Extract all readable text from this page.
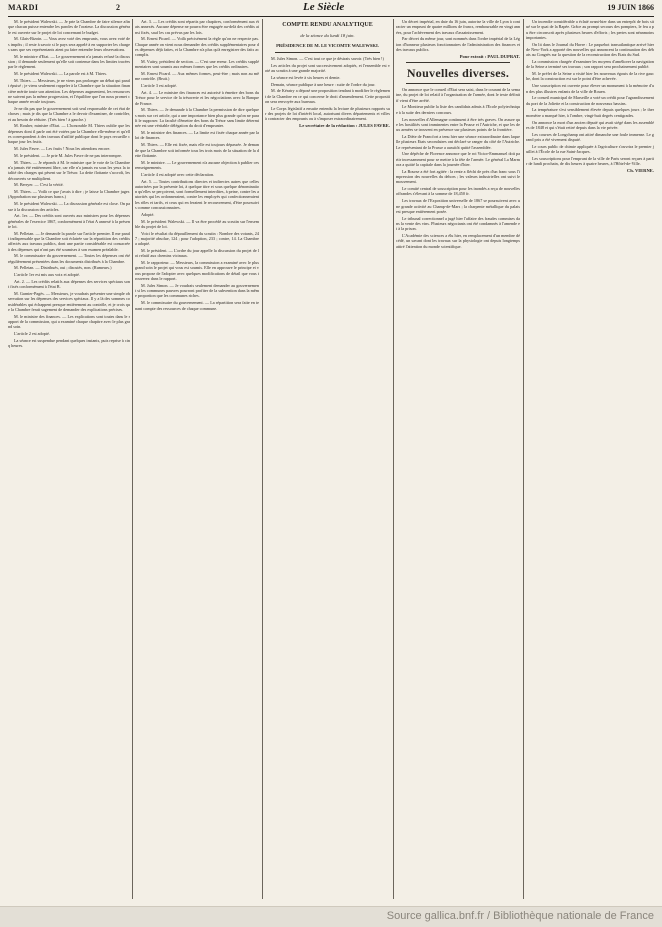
MARDI	2	Le Siècle	19 JUIN 1866

M. le président Walewski. — Je prie la Chambre de faire silence afin que chacun puisse entendre les paroles de l'orateur. La discussion générale est ouverte sur le projet de loi concernant le budget.

M. Glais-Bizoin. — Vous avez voté des emprunts, vous avez voté des impôts ; il reste à savoir si le pays sera appelé à en supporter les charges sans que ses représentants aient pu faire entendre leurs observations.

M. le ministre d'Etat. — Le gouvernement n'a jamais refusé la discussion ; il demande seulement qu'elle soit contenue dans les limites tracées par le règlement.

M. le président Walewski. — La parole est à M. Thiers.

M. Thiers. — Messieurs, je ne viens pas prolonger un débat qui paraît épuisé ; je viens seulement rappeler à la Chambre que la situation financière mérite toute son attention. Les dépenses augmentent, les ressources ne suivent pas la même progression, et l'équilibre que l'on nous promet chaque année recule toujours.

Je ne dis pas que le gouvernement soit seul responsable de cet état de choses ; mais je dis que la Chambre a le devoir d'examiner, de contrôler, et au besoin de réduire. (Très bien ! à gauche.)

M. Rouher, ministre d'Etat. — L'honorable M. Thiers oublie que les dépenses dont il parle ont été votées par la Chambre elle-même et qu'elles correspondent à des travaux d'utilité publique dont le pays recueille chaque jour les fruits.

M. Jules Favre. — Les fruits ! Nous les attendons encore.

M. le président. — Je prie M. Jules Favre de ne pas interrompre.

M. Thiers. — Je réponds à M. le ministre que le vote de la Chambre n'a jamais été entièrement libre, car elle n'a jamais eu sous les yeux la totalité des charges qui pèsent sur le Trésor. La dette flottante s'accroît, les découverts se multiplient.

M. Berryer. — C'est la vérité.

M. Thiers. — Voilà ce que j'avais à dire ; je laisse la Chambre juger. (Approbation sur plusieurs bancs.)

M. le président Walewski. — La discussion générale est close. On passe à la discussion des articles.

Art. 1er. — Des crédits sont ouverts aux ministres pour les dépenses générales de l'exercice 1867, conformément à l'état A annexé à la présente loi.

M. Pelletan. — Je demande la parole sur l'article premier. Il me paraît indispensable que la Chambre soit éclairée sur la répartition des crédits affectés aux travaux publics, dont une partie considérable est consacrée à des dépenses qui n'ont pas été soumises à son examen préalable.

M. le commissaire du gouvernement. — Toutes les dépenses ont été régulièrement présentées dans les documents distribués à la Chambre.

M. Pelletan. — Distribués, oui ; discutés, non. (Rumeurs.)

L'article 1er est mis aux voix et adopté.

Art. 2. — Les crédits relatifs aux dépenses des services spéciaux sont fixés conformément à l'état B.

M. Garnier-Pagès. — Messieurs, je voudrais présenter une simple observation sur les dépenses des services spéciaux. Il y a là des sommes considérables qui échappent presque entièrement au contrôle, et je crois que la Chambre ferait sagement de demander des explications précises.

M. le ministre des finances. — Les explications sont toutes dans le rapport de la commission, qui a examiné chaque chapitre avec le plus grand soin.

L'article 2 est adopté.

La séance est suspendue pendant quelques instants, puis reprise à cinq heures.

Art. 3. — Les crédits sont répartis par chapitres, conformément aux états annexés. Aucune dépense ne pourra être engagée au-delà des crédits ainsi fixés, sauf les cas prévus par les lois.

M. Ernest Picard. — Voilà précisément la règle qu'on ne respecte pas. Chaque année on vient nous demander des crédits supplémentaires pour des dépenses déjà faites, et la Chambre n'a plus qu'à enregistrer des faits accomplis.

M. Vuitry, président de section. — C'est une erreur. Les crédits supplémentaires sont soumis aux mêmes formes que les crédits ordinaires.

M. Ernest Picard. — Aux mêmes formes, peut-être ; mais non au même contrôle. (Bruit.)

L'article 3 est adopté.

Art. 4. — Le ministre des finances est autorisé à émettre des bons du Trésor pour le service de la trésorerie et les négociations avec la Banque de France.

M. Thiers. — Je demande à la Chambre la permission de dire quelques mots sur cet article, qui a une importance bien plus grande qu'on ne paraît le supposer. La faculté d'émettre des bons du Trésor sans limite déterminée est une véritable délégation du droit d'emprunter.

M. le ministre des finances. — La limite est fixée chaque année par la loi de finances.

M. Thiers. — Elle est fixée, mais elle est toujours dépassée. Je demande que la Chambre soit informée tous les trois mois de la situation de la dette flottante.

M. le ministre. — Le gouvernement n'a aucune objection à publier ces renseignements.

L'article 4 est adopté avec cette déclaration.

Art. 5. — Toutes contributions directes et indirectes autres que celles autorisées par la présente loi, à quelque titre et sous quelque dénomination qu'elles se perçoivent, sont formellement interdites, à peine, contre les autorités qui les ordonneraient, contre les employés qui confectionneraient les rôles et tarifs, et ceux qui en feraient le recouvrement, d'être poursuivis comme concussionnaires.

Adopté.

M. le président Walewski. — Il va être procédé au scrutin sur l'ensemble du projet de loi.

Voici le résultat du dépouillement du scrutin : Nombre des votants, 247 ; majorité absolue, 124 ; pour l'adoption, 233 ; contre, 14. La Chambre a adopté.

M. le président. — L'ordre du jour appelle la discussion du projet de loi relatif aux chemins vicinaux.

M. le rapporteur. — Messieurs, la commission a examiné avec le plus grand soin le projet qui vous est soumis. Elle en approuve le principe et vous propose de l'adopter avec quelques modifications de détail que vous trouverez dans le rapport.

M. Jules Simon. — Je voudrais seulement demander au gouvernement si les communes pauvres pourront profiter de la subvention dans la même proportion que les communes riches.

M. le commissaire du gouvernement. — La répartition sera faite en tenant compte des ressources de chaque commune.

COMPTE RENDU ANALYTIQUE
de la séance du lundi 18 juin.
PRÉSIDENCE DE M. LE VICOMTE WALEWSKI.

M. Jules Simon. — C'est tout ce que je désirais savoir. (Très bien !)

Les articles du projet sont successivement adoptés, et l'ensemble est voté au scrutin à une grande majorité.

La séance est levée à six heures et demie.

Demain, séance publique à une heure : suite de l'ordre du jour.

M. de Kératry a déposé une proposition tendant à modifier le règlement de la Chambre en ce qui concerne le droit d'amendement. Cette proposition sera renvoyée aux bureaux.

Le Corps législatif a ensuite entendu la lecture de plusieurs rapports sur des projets de loi d'intérêt local, autorisant divers départements et villes à contracter des emprunts ou à s'imposer extraordinairement.

Le secrétaire de la rédaction : JULES FAVRE.

Un décret impérial, en date du 16 juin, autorise la ville de Lyon à contracter un emprunt de quatre millions de francs, remboursable en vingt années, pour l'achèvement des travaux d'assainissement.

Par décret du même jour, sont nommés dans l'ordre impérial de la Légion d'honneur plusieurs fonctionnaires de l'administration des finances et des travaux publics.

Pour extrait : PAUL DUPRAT.
Nouvelles diverses.

On annonce que le conseil d'Etat sera saisi, dans le courant de la semaine, du projet de loi relatif à l'organisation de l'armée, dont le texte définitif vient d'être arrêté.

Le Moniteur publie la liste des candidats admis à l'Ecole polytechnique à la suite des derniers concours.

Les nouvelles d'Allemagne continuent à être très graves. On assure que les hostilités sont imminentes entre la Prusse et l'Autriche, et que les deux armées se trouvent en présence sur plusieurs points de la frontière.

La Diète de Francfort a tenu hier une séance extraordinaire dans laquelle plusieurs Etats secondaires ont déclaré se ranger du côté de l'Autriche. Le représentant de la Prusse a aussitôt quitté l'assemblée.

Une dépêche de Florence annonce que le roi Victor-Emmanuel doit partir incessamment pour se mettre à la tête de l'armée. Le général La Marmora a quitté la capitale dans la journée d'hier.

La Bourse a été fort agitée : la rente a fléchi de près d'un franc sous l'impression des nouvelles du dehors ; les valeurs industrielles ont suivi le mouvement.

Le comité central de souscription pour les inondés a reçu de nouvelles offrandes s'élevant à la somme de 18,450 fr.

Les travaux de l'Exposition universelle de 1867 se poursuivent avec une grande activité au Champ-de-Mars ; la charpente métallique du palais est presque entièrement posée.

Le tribunal correctionnel a jugé hier l'affaire des fraudes commises dans la vente des vins. Plusieurs négociants ont été condamnés à l'amende et à la prison.

L'Académie des sciences a élu hier, en remplacement d'un membre décédé, un savant dont les travaux sur la physiologie ont depuis longtemps attiré l'attention du monde scientifique.

Un incendie considérable a éclaté avant-hier dans un entrepôt de bois situé sur le quai de la Rapée. Grâce au prompt secours des pompiers, le feu a pu être circonscrit après plusieurs heures d'efforts ; les pertes sont néanmoins importantes.

On lit dans le Journal du Havre : Le paquebot transatlantique arrivé hier de New-York a apporté des nouvelles qui annoncent la continuation des débats au Congrès sur la question de la reconstruction des Etats du Sud.

La commission chargée d'examiner les moyens d'améliorer la navigation de la Seine a terminé ses travaux ; son rapport sera prochainement publié.

M. le préfet de la Seine a visité hier les nouveaux égouts de la rive gauche, dont la construction est sur le point d'être achevée.

Une souscription est ouverte pour élever un monument à la mémoire d'un des plus illustres enfants de la ville de Rouen.

Le conseil municipal de Marseille a voté un crédit pour l'agrandissement du port de la Joliette et la construction de nouveaux bassins.

La température s'est sensiblement élevée depuis quelques jours ; le thermomètre a marqué hier, à l'ombre, vingt-huit degrés centigrades.

On annonce la mort d'un ancien député qui avait siégé dans les assemblées de 1848 et qui s'était retiré depuis dans la vie privée.

Les courses de Longchamp ont attiré dimanche une foule immense. Le grand prix a été vivement disputé.

Le cours public de chimie appliquée à l'agriculture s'ouvrira le premier juillet à l'École de la rue Saint-Jacques.

Les souscriptions pour l'emprunt de la ville de Paris seront reçues à partir de lundi prochain, de dix heures à quatre heures, à l'Hôtel-de-Ville.

Ch. VIERNE.
Source gallica.bnf.fr / Bibliothèque nationale de France
